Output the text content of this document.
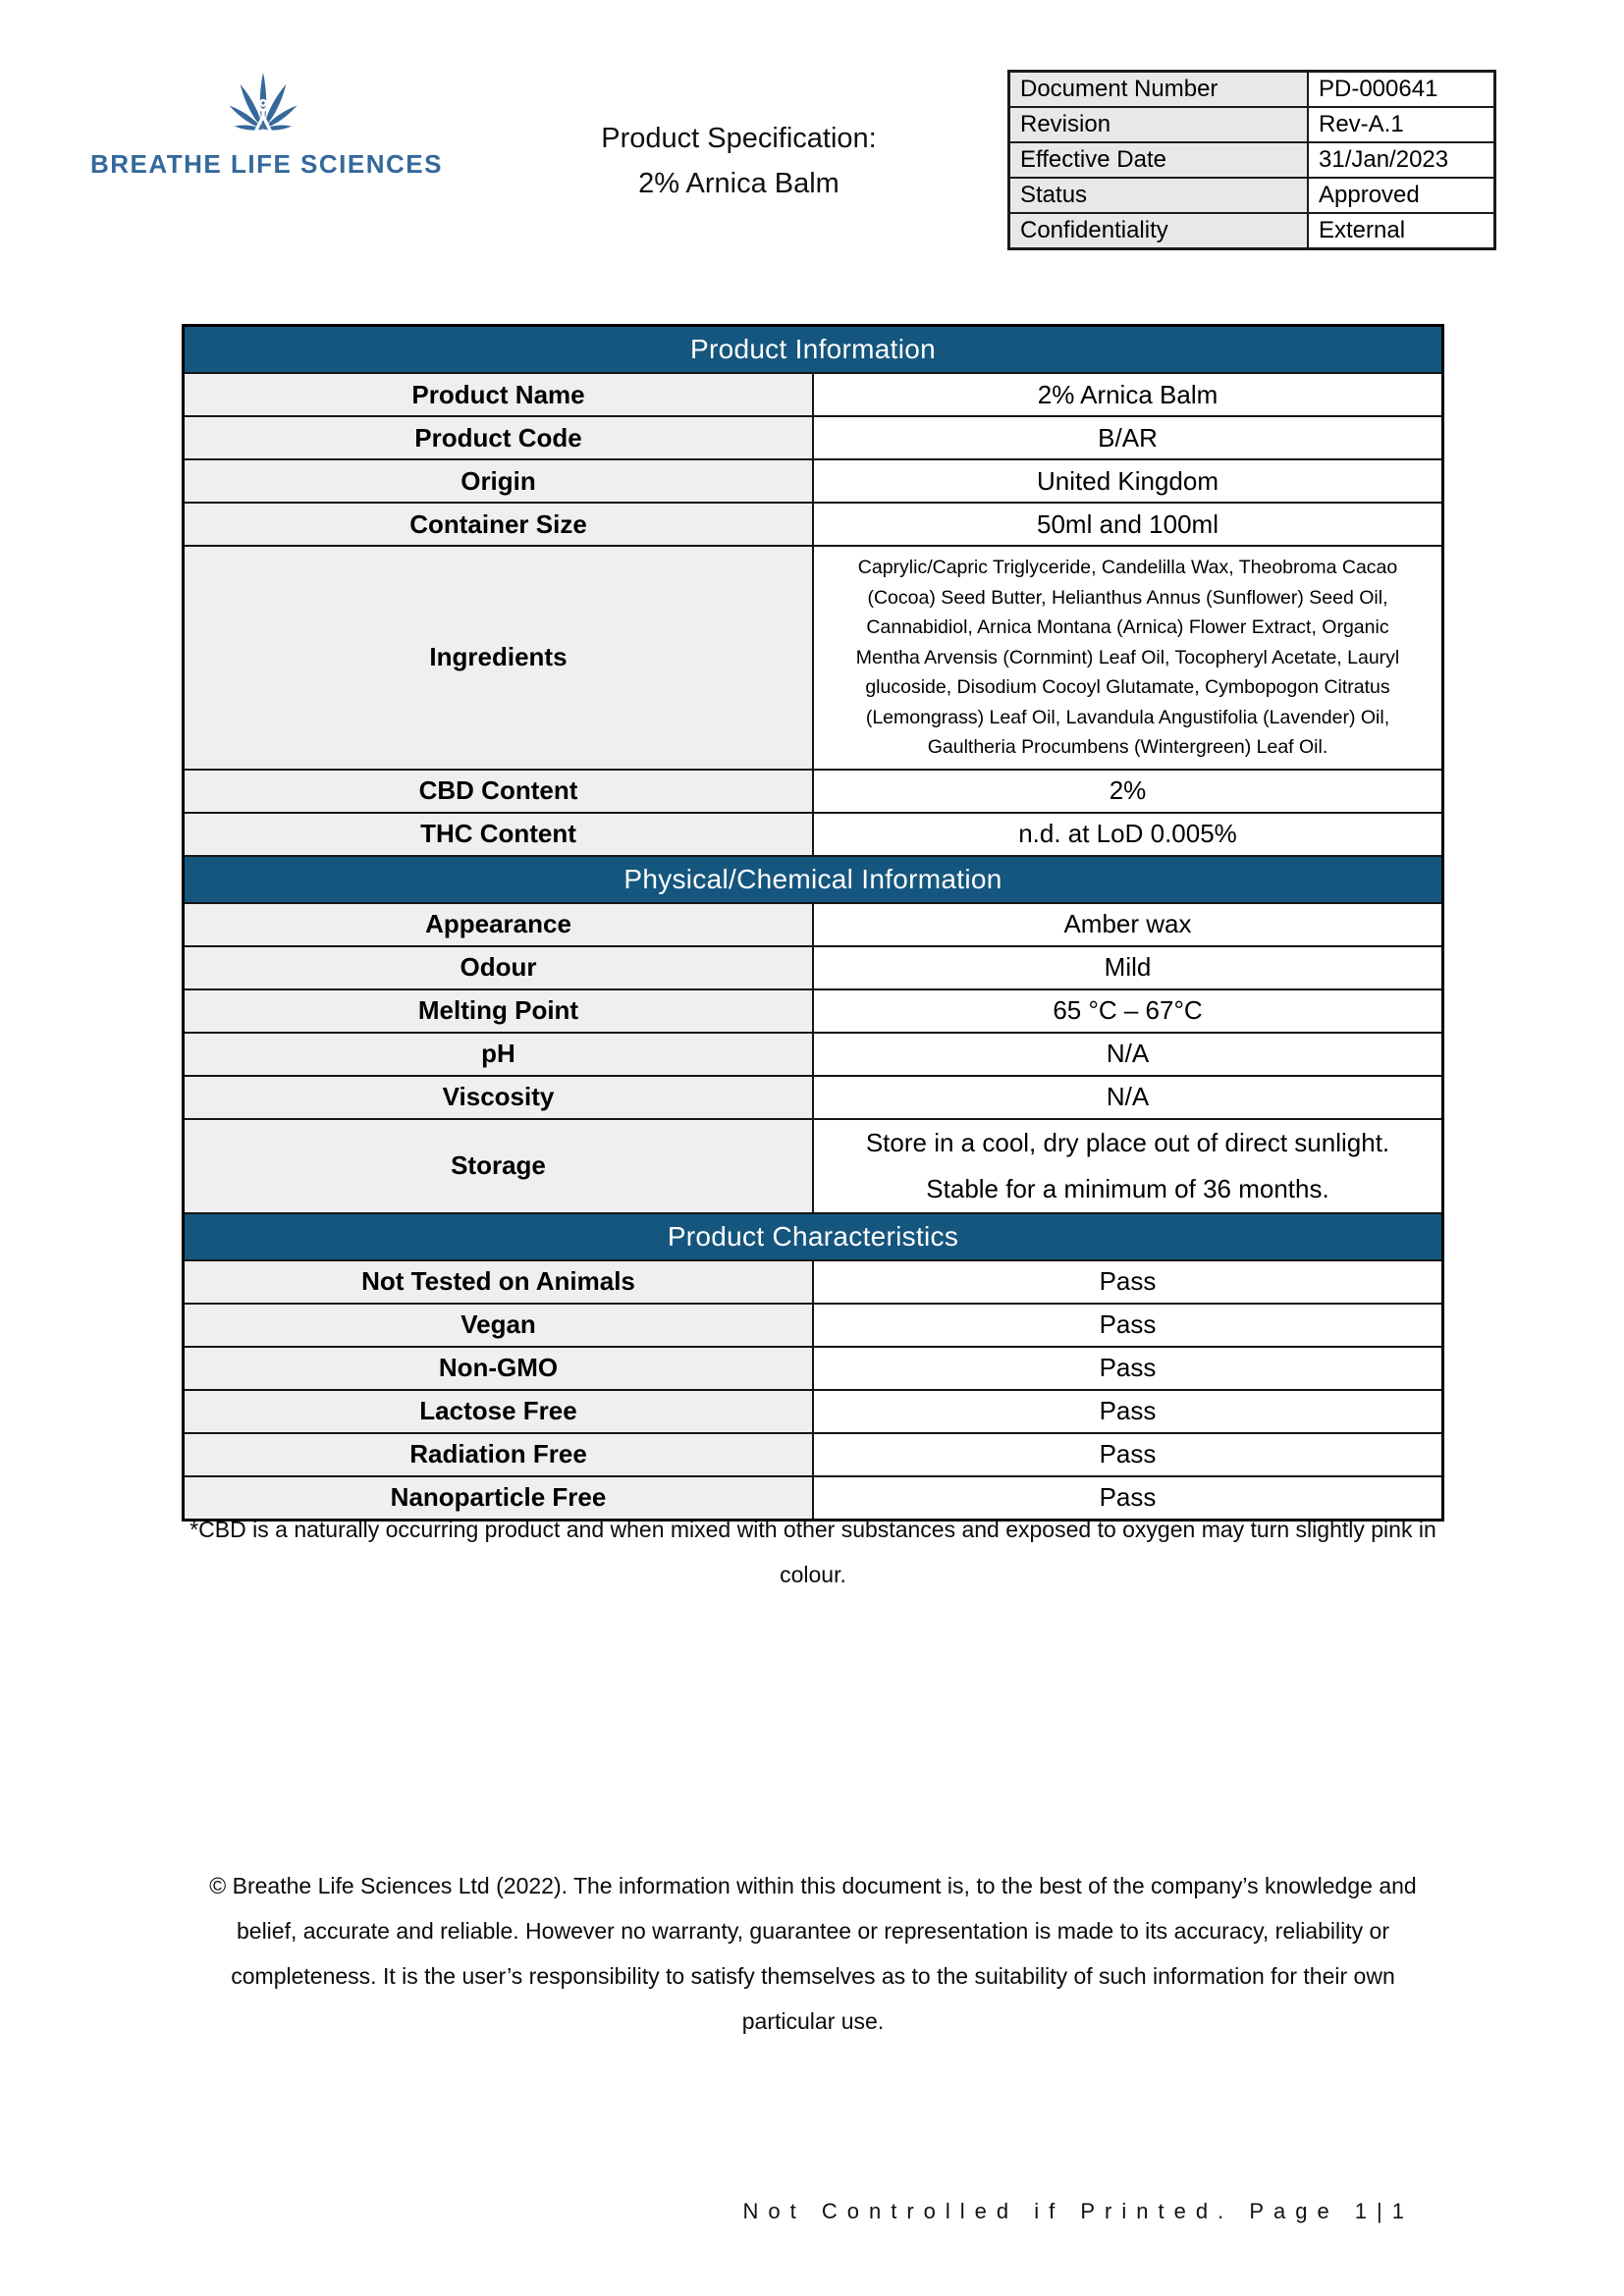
BREATHE LIFE SCIENCES
Product Specification:
2% Arnica Balm
Document Number	PD-000641
Revision	Rev-A.1
Effective Date	31/Jan/2023
Status	Approved
Confidentiality	External
Product Information	
Product Name	2% Arnica Balm
Product Code	B/AR
Origin	United Kingdom
Container Size	50ml and 100ml
Ingredients	Caprylic/Capric Triglyceride, Candelilla Wax, Theobroma Cacao (Cocoa) Seed Butter, Helianthus Annus (Sunflower) Seed Oil, Cannabidiol, Arnica Montana (Arnica) Flower Extract, Organic Mentha Arvensis (Cornmint) Leaf Oil, Tocopheryl Acetate, Lauryl glucoside, Disodium Cocoyl Glutamate, Cymbopogon Citratus (Lemongrass) Leaf Oil, Lavandula Angustifolia (Lavender) Oil, Gaultheria Procumbens (Wintergreen) Leaf Oil.
CBD Content	2%
THC Content	n.d. at LoD 0.005%
Physical/Chemical Information	
Appearance	Amber wax
Odour	Mild
Melting Point	65 °C – 67°C
pH	N/A
Viscosity	N/A
Storage	Store in a cool, dry place out of direct sunlight. Stable for a minimum of 36 months.
Product Characteristics	
Not Tested on Animals	Pass
Vegan	Pass
Non-GMO	Pass
Lactose Free	Pass
Radiation Free	Pass
Nanoparticle Free	Pass

*CBD is a naturally occurring product and when mixed with other substances and exposed to oxygen may turn slightly pink in colour.

© Breathe Life Sciences Ltd (2022). The information within this document is, to the best of the company’s knowledge and belief, accurate and reliable. However no warranty, guarantee or representation is made to its accuracy, reliability or completeness. It is the user’s responsibility to satisfy themselves as to the suitability of such information for their own particular use.

Not Controlled if Printed. Page 1|1
